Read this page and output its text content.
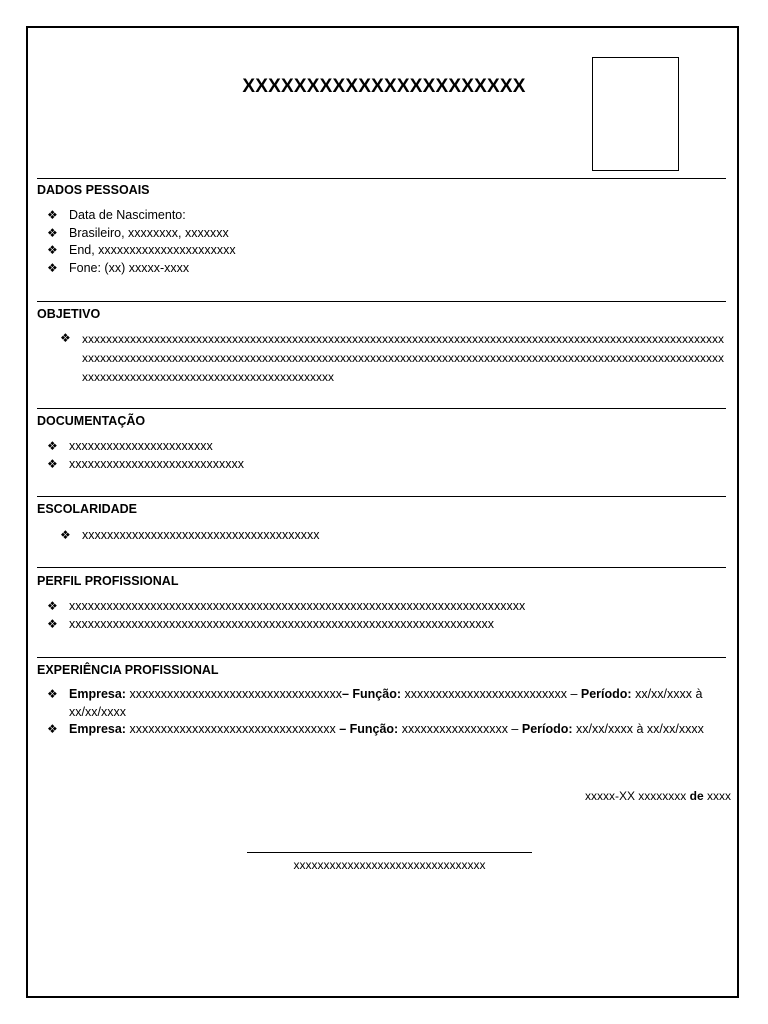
XXXXXXXXXXXXXXXXXXXXXX
DADOS PESSOAIS
❖ Data de Nascimento:
❖ Brasileiro, xxxxxxxx, xxxxxxx
❖ End, xxxxxxxxxxxxxxxxxxxxxx
❖ Fone: (xx) xxxxx-xxxx
OBJETIVO
❖ xxxxxxxxxxxxxxxxxxxxxxxxxxxxxxxxxxxxxxxxxxxxxxxxxxxxxxxxxxxxxxxxxxxxxxxxxxxxxxxxxxxxxxxxxxxxxxxxxxxxxxxxxxxxxxxxxxxxxxxxxxxxxxxxxxxxxxxxxxxxxxxxxxxxxxxxxxxxxxxxxxxxxxxxxxxxxxxxxxxxxxxxxxxxxxxxxxxxxxxxxxxxxxxxxxxxxxxxxxxxxxxxxxxxxxxxxxxxxxxxxxxxxxxxxxxxxxxx
DOCUMENTAÇÃO
❖ xxxxxxxxxxxxxxxxxxxxxxx
❖ xxxxxxxxxxxxxxxxxxxxxxxxxxxx
ESCOLARIDADE
❖ xxxxxxxxxxxxxxxxxxxxxxxxxxxxxxxxxxxxxx
PERFIL PROFISSIONAL
❖ xxxxxxxxxxxxxxxxxxxxxxxxxxxxxxxxxxxxxxxxxxxxxxxxxxxxxxxxxxxxxxxxxxxxxxxxx
❖ xxxxxxxxxxxxxxxxxxxxxxxxxxxxxxxxxxxxxxxxxxxxxxxxxxxxxxxxxxxxxxxxxxxx
EXPERIÊNCIA PROFISSIONAL
❖ Empresa: xxxxxxxxxxxxxxxxxxxxxxxxxxxxxxxxxx– Função: xxxxxxxxxxxxxxxxxxxxxxxxxx – Período: xx/xx/xxxx à xx/xx/xxxx
❖ Empresa: xxxxxxxxxxxxxxxxxxxxxxxxxxxxxxxxx – Função: xxxxxxxxxxxxxxxxx – Período: xx/xx/xxxx à xx/xx/xxxx
xxxxx-XX xxxxxxxx de xxxx
xxxxxxxxxxxxxxxxxxxxxxxxxxxxxxxx
